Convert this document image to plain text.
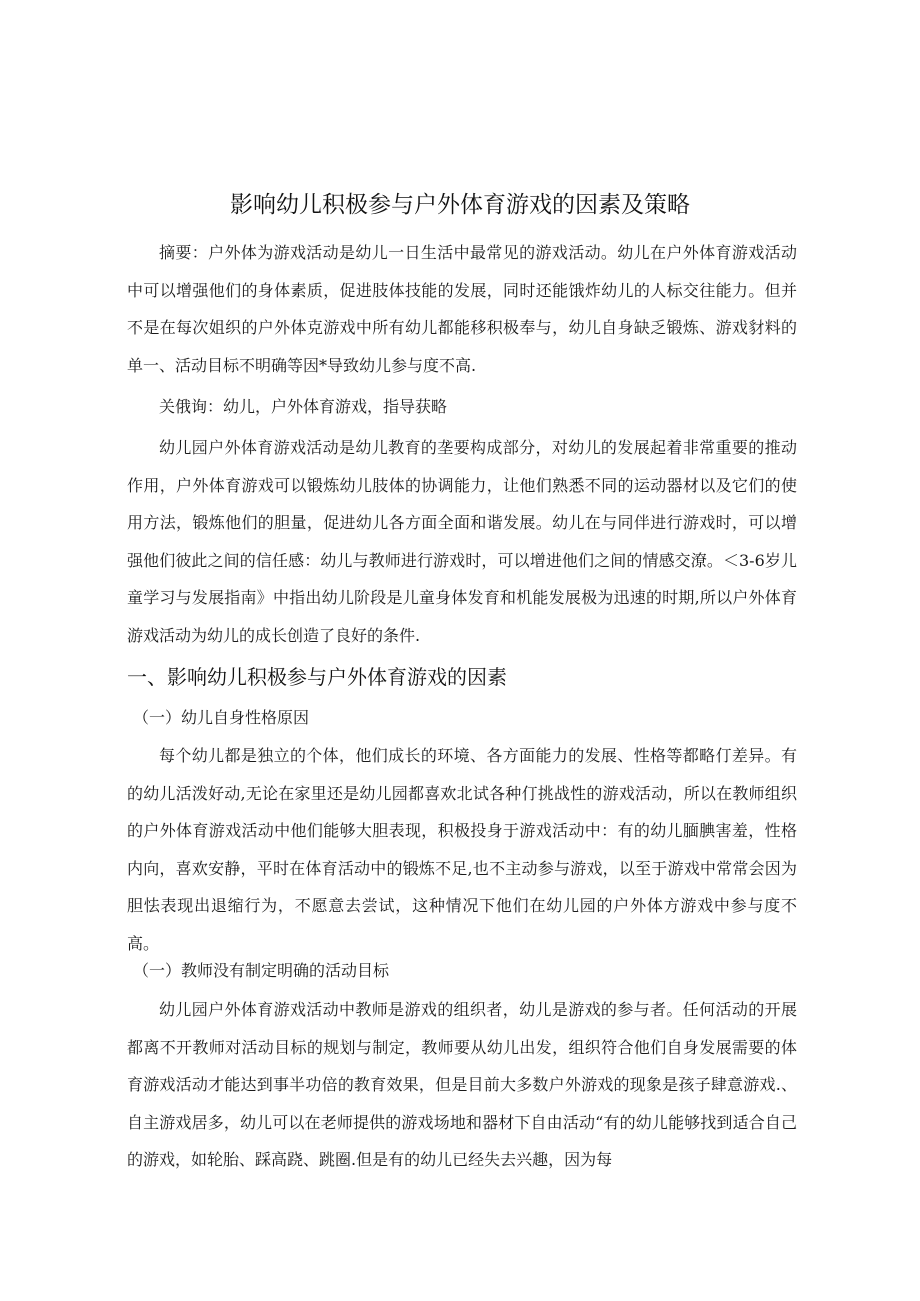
影响幼儿积极参与户外体育游戏的因素及策略

摘要：户外体为游戏活动是幼儿一日生活中最常见的游戏活动。幼儿在户外体育游戏活动中可以增强他们的身体素质，促进肢体技能的发展，同时还能饿炸幼儿的人标交往能力。但并不是在每次姐织的户外体克游戏中所有幼儿都能移积极奉与，幼儿自身缺乏锻炼、游戏豺料的单一、活动目标不明确等因*导致幼儿参与度不高.

关俄询：幼儿，户外体育游戏，指导获略

幼儿园户外体育游戏活动是幼儿教育的垄要构成部分，对幼儿的发展起着非常重要的推动作用，户外体育游戏可以锻炼幼儿肢体的协调能力，让他们熟悉不同的运动器材以及它们的使用方法，锻炼他们的胆量，促进幼儿各方面全面和谐发展。幼儿在与同伴进行游戏时，可以增强他们彼此之间的信任感：幼儿与教师进行游戏时，可以增进他们之间的情感交潦。＜3-6岁儿童学习与发展指南》中指出幼儿阶段是儿童身体发育和机能发展极为迅速的时期,所以户外体育游戏活动为幼儿的成长创造了良好的条件.

一、影响幼儿积极参与户外体育游戏的因素
（一）幼儿自身性格原因

每个幼儿都是独立的个体，他们成长的环境、各方面能力的发展、性格等都略仃差异。有的幼儿活泼好动,无论在家里还是幼儿园都喜欢北试各种仃挑战性的游戏活动，所以在教师组织的户外体育游戏活动中他们能够大胆表现，积极投身于游戏活动中：有的幼儿腼腆害羞，性格内向，喜欢安静，平时在体育活动中的锻炼不足,也不主动参与游戏，以至于游戏中常常会因为胆怯表现出退缩行为，不愿意去尝试，这种情况下他们在幼儿园的户外体方游戏中参与度不高。

（一）教师没有制定明确的活动目标

幼儿园户外体育游戏活动中教师是游戏的组织者，幼儿是游戏的参与者。任何活动的开展都离不开教师对活动目标的规划与制定，教师要从幼儿出发，组织符合他们自身发展需要的体育游戏活动才能达到事半功倍的教育效果，但是目前大多数户外游戏的现象是孩子肆意游戏.、自主游戏居多，幼儿可以在老师提供的游戏场地和器材下自由活动“有的幼儿能够找到适合自己的游戏，如轮胎、踩高跷、跳圈.但是有的幼儿已经失去兴趣，因为每
